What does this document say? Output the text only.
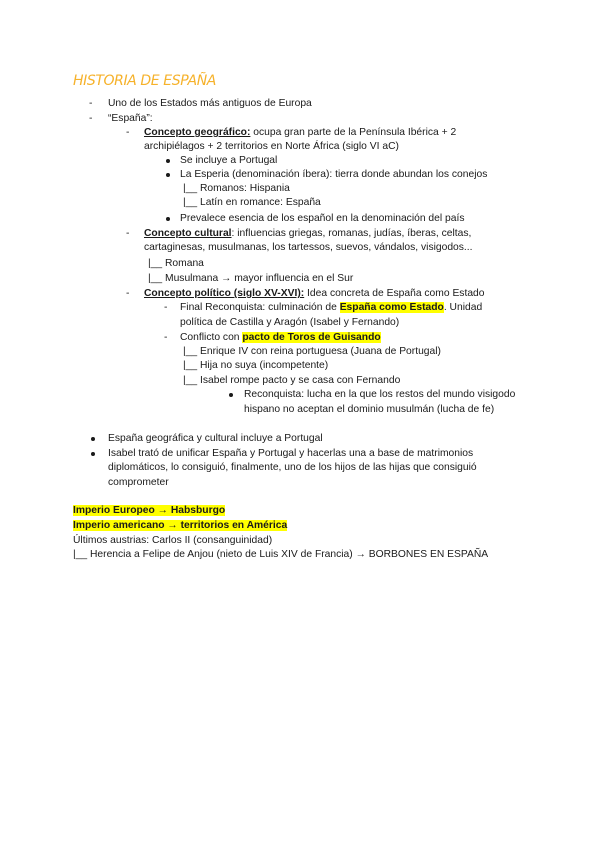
HISTORIA DE ESPAÑA
- Uno de los Estados más antiguos de Europa
- “España”:
- Concepto geográfico: ocupa gran parte de la Península Ibérica + 2
archipiélagos + 2 territorios en Norte África (siglo VI aC)
Se incluye a Portugal
La Esperia (denominación íbera): tierra donde abundan los conejos
|__ Romanos: Hispania
|__ Latín en romance: España
Prevalece esencia de los español en la denominación del país
- Concepto cultural: influencias griegas, romanas, judías, íberas, celtas,
cartaginesas, musulmanas, los tartessos, suevos, vándalos, visigodos...
|__ Romana
|__ Musulmana → mayor influencia en el Sur
- Concepto político (siglo XV-XVI): Idea concreta de España como Estado
- Final Reconquista: culminación de España como Estado. Unidad
política de Castilla y Aragón (Isabel y Fernando)
- Conflicto con pacto de Toros de Guisando
|__ Enrique IV con reina portuguesa (Juana de Portugal)
|__ Hija no suya (incompetente)
|__ Isabel rompe pacto y se casa con Fernando
Reconquista: lucha en la que los restos del mundo visigodo
hispano no aceptan el dominio musulmán (lucha de fe)
España geográfica y cultural incluye a Portugal
Isabel trató de unificar España y Portugal y hacerlas una a base de matrimonios
diplomáticos, lo consiguió, finalmente, uno de los hijos de las hijas que consiguió
comprometer
Imperio Europeo → Habsburgo
Imperio americano → territorios en América
Últimos austrias: Carlos II (consanguinidad)
|__ Herencia a Felipe de Anjou (nieto de Luis XIV de Francia) → BORBONES EN ESPAÑA
